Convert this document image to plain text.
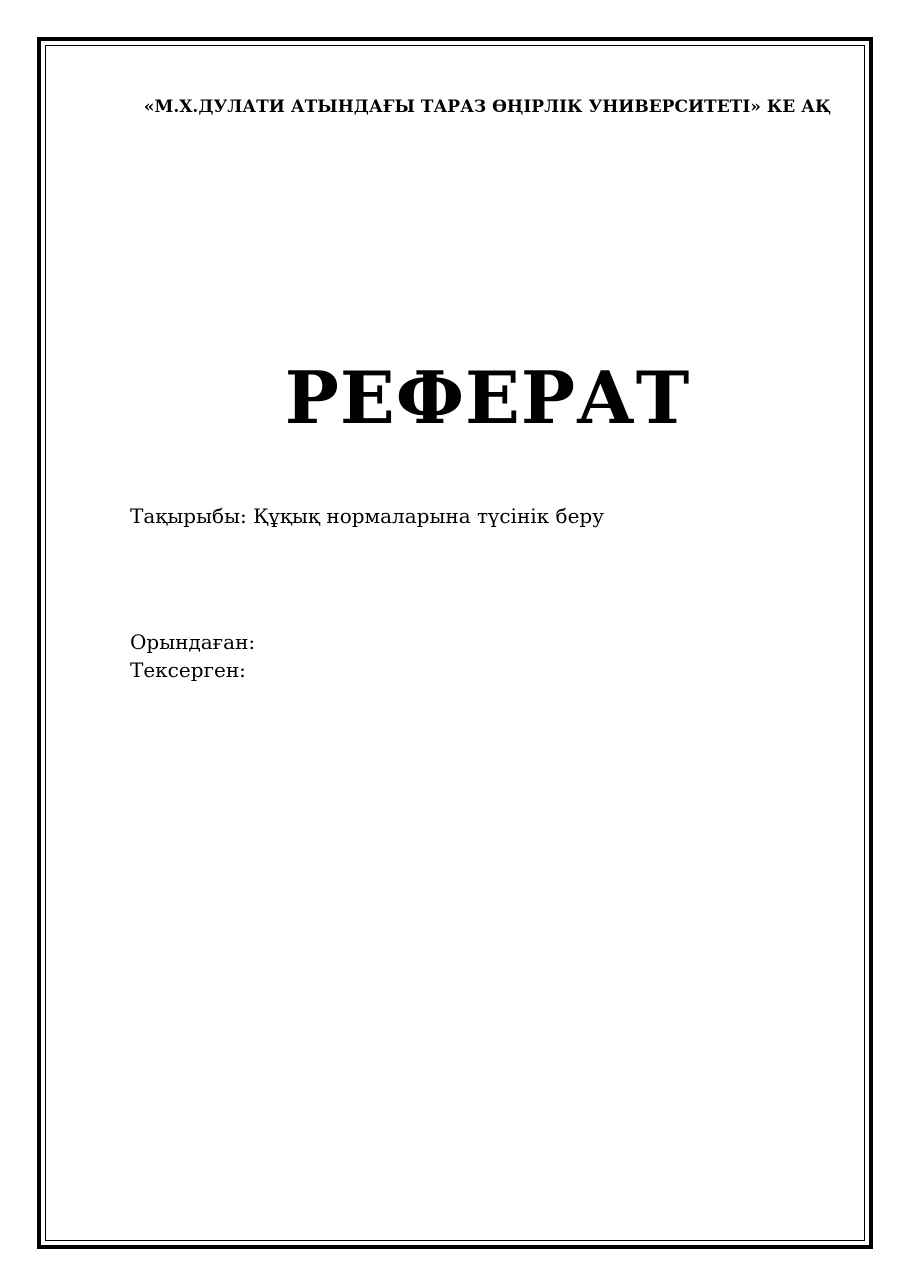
«М.Х.ДУЛАТИ АТЫНДАҒЫ ТАРАЗ ӨҢІРЛІК УНИВЕРСИТЕТІ» КЕ АҚ
РЕФЕРАТ
Тақырыбы: Құқық нормаларына түсінік беру
Орындаған:
Тексерген:
